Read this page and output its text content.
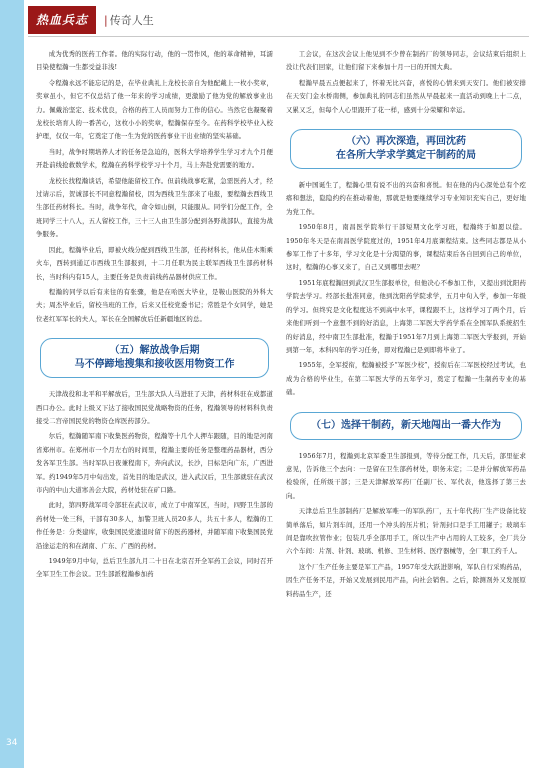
34
热血兵志	| 传奇人生

成为优秀的医药工作者。他的实际行动，他的一贯作风，他的革命精神，耳濡目染使程瀚一生都受益非浅!

令程瀚永远不能忘记的是，在毕业典礼上龙校长亲自为他配戴上一枚小奖章，奖章虽小，但它不仅总结了他一年来的学习成绩，更激励了他为党的解放事业出力。佩戴治坚定、技术优良，合格的药工人员而努力工作的信心。当然它也凝聚着龙校长培育人的一番苦心，这枚小小的奖章，程瀚保存至今。在药科学校毕业入校护理，仅仅一年，它奠定了他一生为党的医药事业干出业绩的坚实基础。

当时，战争时期培养人才的任务是急迫的，医科大学培养学生学习才九个月便开赴前线抢救数学术，程瀚在药科学校学习十个月，马上奔赴党需要的地方。

龙校长找程瀚谈话，希望他能留校工作。但前线战事吃紧，急需医药人才，经过请示后，贺诚部长不同意程瀚留校，因为西线卫生部来了电报，要程瀚去西线卫生部任药材科长。当时，战争年代，命令如山倒，只能服从。同学们分配工作，全班同学三十八人，五人留校工作，三十三人由卫生部分配到各野战部队，直接为战争服务。

因此，程瀚毕业后，即被火线分配到西线卫生部，任药材科长，他从佳木斯乘火车，西转到通辽市西线卫生部报到，十二月任职为民主联军西线卫生部药材科长，当时科内有15人，主要任务是负责前线药品器材供应工作。

程瀚的同学以后有来往的有张骤，他是在哈医大毕业，是鞍山医院的外科大夫；周杰毕业后，留校当班的工作，后来又任校党委书记；常胜是个女同学，她是位老红军军长的夫人，军长在全国解放后任新疆地区的总。

（五）解放战争后期
马不停蹄地搜集和接收医用物资工作

天津战役和北平和平解放后，卫生部大队人马进驻了天津，药材科驻在成都道西口办公。此时上级又下达了接收国民党战略物资的任务，程瀚领导的材料科负责接受二宫帝国民党的物资仓库医药部分。

尔后，程瀚随军南下收集医药物资，程瀚等十几个人押车跟随，目的地是河南省郑州市。在郑州市一个月左右的时间里，程瀚主要的任务是整理药品器材，西分发各军卫生部。当时军队日夜兼程南下，奔向武汉，长沙，目标是向广东，广西进军。约1949年5月中旬出发，首先目的地是武汉，进入武汉后，卫生部就驻在武汉市内的中山大道寒善会大院，药材处驻在矿口路。

此时，第四野战军司令部驻在武汉市，成立了中南军区，当时，四野卫生部的药材处一处三科，干部有30多人，加警卫班人员20多人，共五十多人，程瀚的工作任务是：分类建库，收集国民党遗退时留下的医药器材，并随军南下收集国民党沿途运走的和在湖南、广东、广西的药材。

1949年9月中旬，总后卫生部九月二十日在北京召开全军药工会议，同时召开全军卫生工作会议。卫生部派程瀚参加药

工会议，在这次会议上他见到不少曾在制药厂的领导同志，会议结束后组织上没让代表们回家，让他们留下来参加十月一日的开国大典。

程瀚早晨五点便起来了，怀着无比兴奋，喜悦的心情来到天安门。他们被安排在天安门金水桥南侧，参加典礼的同志们虽然从早晨起来一直活动到晚上十二点，又累又乏，但每个人心里跟开了花一样，感到十分荣耀和幸运。

（六）再次深造，再回沈药
在各所大学求学奠定干制药的局

新中国诞生了，程瀚心里有说不出的兴奋和喜悦。但在他的内心深处总有个疙瘩和想法，隐隐约约在推动着他，那就是他要继续学习专业知识充实自己，更好地为党工作。

1950年8月，南昌医学院举行干部短期文化学习班，程瀚终于如愿以偿。1950年冬天是在南昌医学院度过的，1951年4月底课程结束。这些同志都是从小参军工作了十多年，学习文化是十分渴望的事，课程结束后各自回到自己的单位，这时，程瀚的心事又来了，自己又到哪里去呢？

1951年底程瀚回到武汉卫生部报单位，但他决心不参加工作，又提出到沈阳药学院去学习。经部长批准同意，他到沈阳药学院求学，五月中旬入学，参加一年级的学习。但终究是文化程度达不到高中水平，课程跟不上，这样学习了两个月，后来他们听到一个意想不到的好消息，上海第二军医大学药学系在全国军队系统招生的好消息，经中南卫生部批准，程瀚于1951年7月到上海第二军医大学报到，开始到第一年，本科四年的学习任务，即对程瀚已是到即将毕业了。

1955年，全军授衔，程瀚被授予“军医少校”，授衔后在二军医校经过考试，也成为合格的毕业生，在第二军医大学的五年学习，奠定了程瀚一生制药专业的基础。

（七）选择干制药，新天地闯出一番大作为

1956年7月，程瀚到北京军委卫生部报到，等待分配工作，几天后，部里征求意见，告诉他三个去向：一是留在卫生部药材处，职务未定；二是并分解放军药品检验所，任所级干部；三是天津解放军药厂任副厂长、军代表，他选择了第三去向。

天津总后卫生部制药厂是解放军唯一的军队药厂，五十年代药厂生产设备比较简单落后，如片剂车间，还用一个冲头的压片机；针剂封口是手工用罐子；玻璃车间是靠吹拉管作业；包装几乎全部用手工，所以生产中占用的人工较多，全厂共分六个车间：片剂、针剂、玻璃、机修、卫生材料、医疗器械等，全厂职工约千人。

这个厂生产任务主要是军工产品，1957年受大跃进影响，军队自行采购药品，因生产任务不足，开始又发展到民用产品，向社会销售。之后，除测剂外又发展原料药品生产，还
